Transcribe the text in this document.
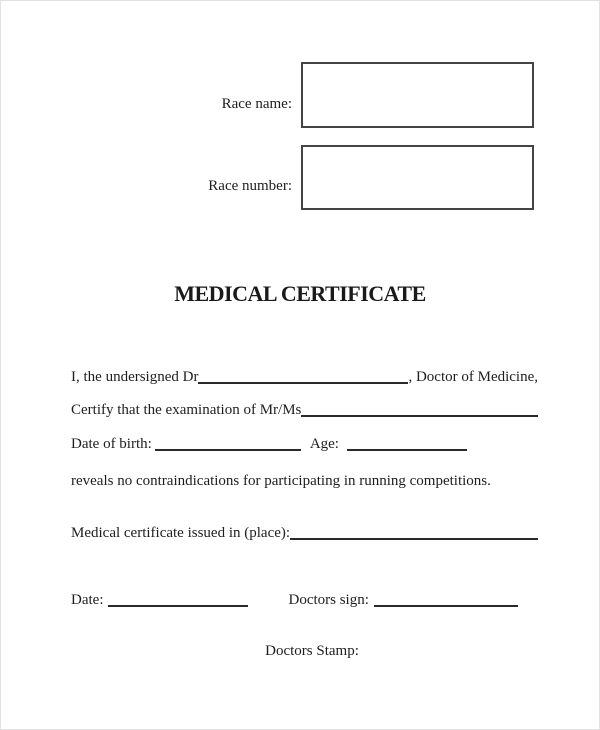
Race name:
Race number:
MEDICAL CERTIFICATE
I, the undersigned Dr	, Doctor of Medicine,
Certify that the examination of Mr/Ms
Date of birth:	Age:
reveals no contraindications for participating in running competitions.
Medical certificate issued in (place):
Date:	Doctors sign:

Doctors Stamp:
